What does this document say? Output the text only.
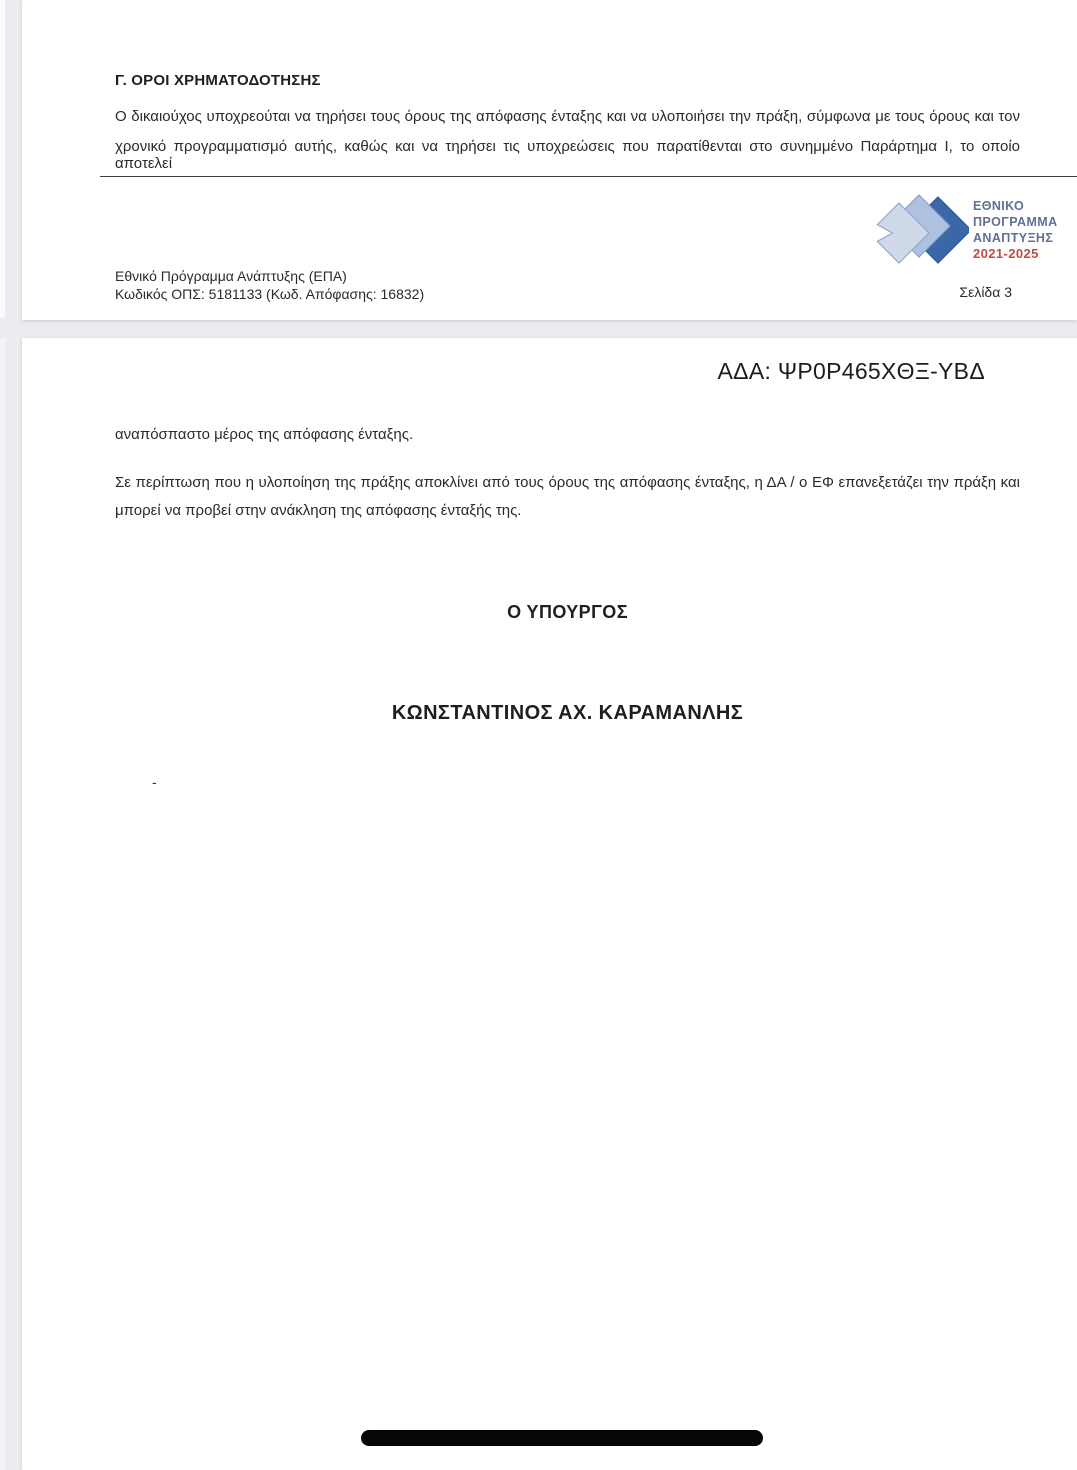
Γ. ΟΡΟΙ ΧΡΗΜΑΤΟΔΟΤΗΣΗΣ
Ο δικαιούχος υποχρεούται να τηρήσει τους όρους της απόφασης ένταξης και να υλοποιήσει την πράξη, σύμφωνα με τους όρους και τον
χρονικό προγραμματισμό αυτής, καθώς και να τηρήσει τις υποχρεώσεις που παρατίθενται στο συνημμένο Παράρτημα Ι, το οποίο αποτελεί
ΕΘΝΙΚΟ
ΠΡΟΓΡΑΜΜΑ
ΑΝΑΠΤΥΞΗΣ
2021-2025
Εθνικό Πρόγραμμα Ανάπτυξης (ΕΠΑ)
Κωδικός ΟΠΣ: 5181133 (Κωδ. Απόφασης: 16832)	Σελίδα 3
ΑΔΑ: ΨΡ0Ρ465ΧΘΞ-ΥΒΔ
αναπόσπαστο μέρος της απόφασης ένταξης.
Σε περίπτωση που η υλοποίηση της πράξης αποκλίνει από τους όρους της απόφασης ένταξης, η ΔΑ / ο ΕΦ επανεξετάζει την πράξη και
μπορεί να προβεί στην ανάκληση της απόφασης ένταξής της.
Ο ΥΠΟΥΡΓΟΣ
ΚΩΝΣΤΑΝΤΙΝΟΣ ΑΧ. ΚΑΡΑΜΑΝΛΗΣ
-
